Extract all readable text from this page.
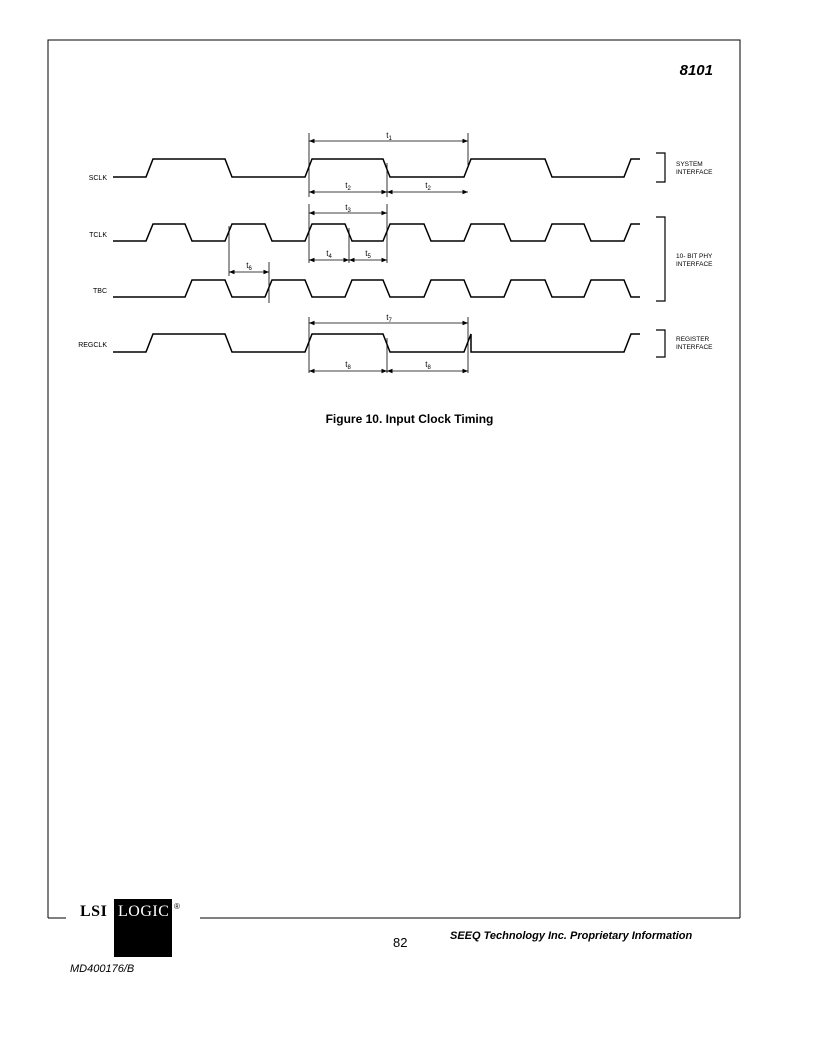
8101
SCLK
TCLK
TBC
REGCLK
$t_1$
$t_2$	$t_2$
$t_3$
$t_4$	$t_5$
$t_6$
$t_7$
$t_8$	$t_8$
SYSTEM INTERFACE
10- BIT PHY INTERFACE
REGISTER INTERFACE
Figure 10. Input Clock Timing
LSI LOGIC ®
82	SEEQ Technology Inc. Proprietary Information
MD400176/B
